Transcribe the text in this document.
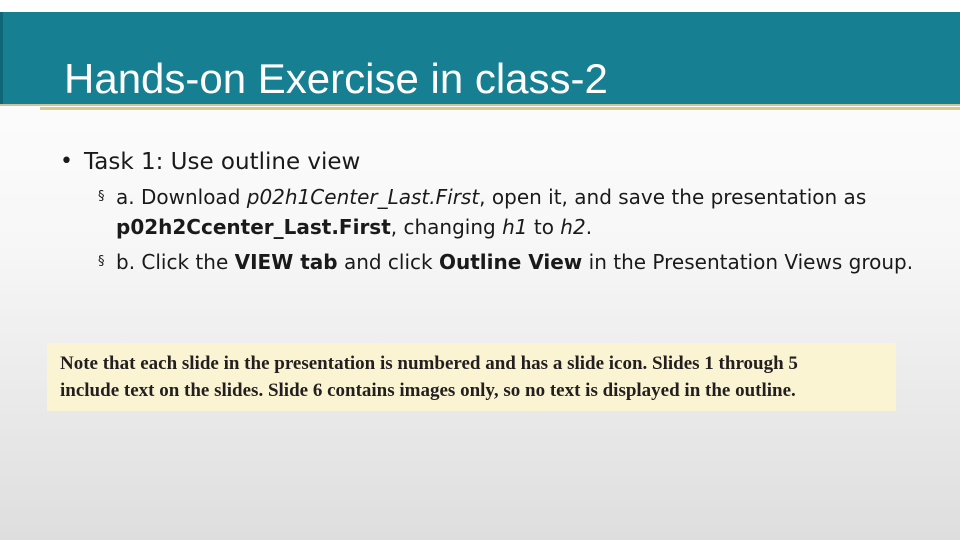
Hands-on Exercise in class-2
• Task 1: Use outline view
§ a. Download p02h1Center_Last.First, open it, and save the presentation as p02h2Ccenter_Last.First, changing h1 to h2.
§ b. Click the VIEW tab and click Outline View in the Presentation Views group.
Note that each slide in the presentation is numbered and has a slide icon. Slides 1 through 5
include text on the slides. Slide 6 contains images only, so no text is displayed in the outline.
